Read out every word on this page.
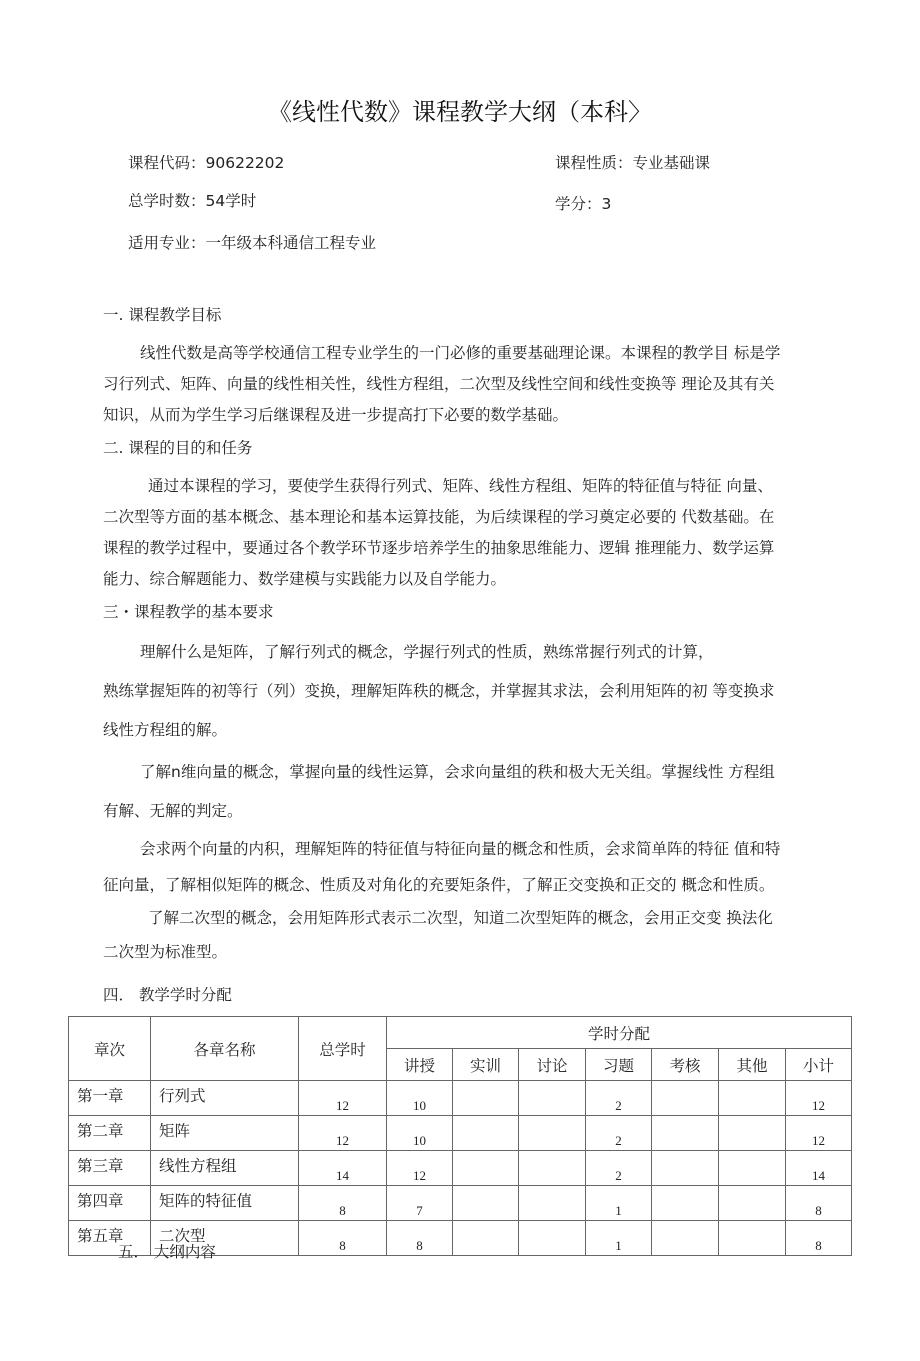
《线性代数》课程教学大纲（本科〉
课程代码：90622202	课程性质：专业基础课
总学时数：54学时	学分：3
适用专业：一年级本科通信工程专业
一. 课程教学目标
线性代数是高等学校通信工程专业学生的一门必修的重要基础理论课。本课程的教学目 标是学
习行列式、矩阵、向量的线性相关性，线性方程组，二次型及线性空间和线性变换等 理论及其有关
知识，从而为学生学习后继课程及进一步提高打下必要的数学基础。
二. 课程的目的和任务
通过本课程的学习，要使学生获得行列式、矩阵、线性方程组、矩阵的特征值与特征 向量、
二次型等方面的基本概念、基本理论和基本运算技能，为后续课程的学习奠定必要的 代数基础。在
课程的教学过程中，要通过各个教学环节逐步培养学生的抽象思维能力、逻辑 推理能力、数学运算
能力、综合解题能力、数学建模与实践能力以及自学能力。
三・课程教学的基本要求
理解什么是矩阵，了解行列式的概念，学握行列式的性质，熟练常握行列式的计算，
熟练掌握矩阵的初等行（列）变换，理解矩阵秩的概念，并掌握其求法，会利用矩阵的初 等变换求
线性方程组的解。
了解n维向量的概念，掌握向量的线性运算，会求向量组的秩和极大无关组。掌握线性 方程组
有解、无解的判定。
会求两个向量的内积，理解矩阵的特征值与特征向量的概念和性质，会求简单阵的特征 值和特
征向量，了解相似矩阵的概念、性质及对角化的充要矩条件，了解正交变换和正交的 概念和性质。
了解二次型的概念，会用矩阵形式表示二次型，知道二次型矩阵的概念，会用正交变 换法化
二次型为标准型。
四． 教学学时分配
章次	各章名称	总学时	学时分配						
			讲授	实训	讨论	习题	考核	其他	小计
第一章	行列式	12	10			2			12
第二章	矩阵	12	10			2			12
第三章	线性方程组	14	12			2			14
第四章	矩阵的特征值	8	7			1			8
第五章	二次型	8	8			1			8
五． 大纲内容
